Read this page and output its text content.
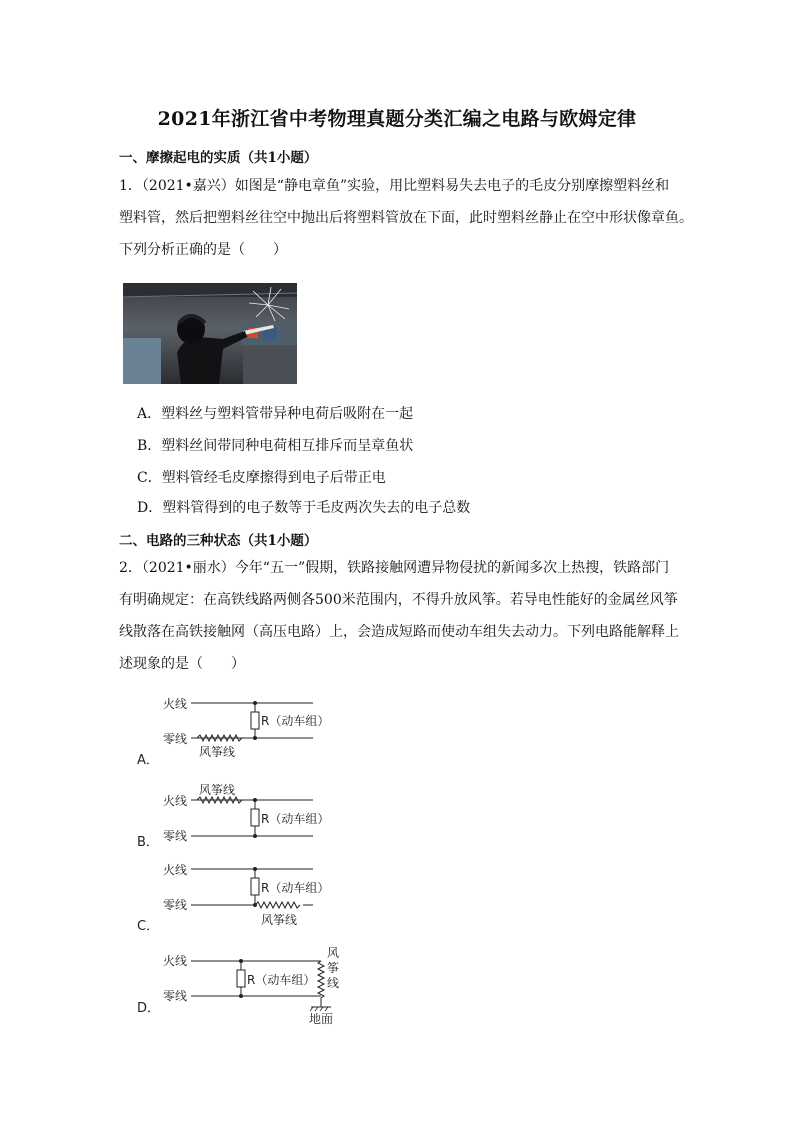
2021年浙江省中考物理真题分类汇编之电路与欧姆定律
一、摩擦起电的实质（共1小题）
1．（2021•嘉兴）如图是“静电章鱼”实验，用比塑料易失去电子的毛皮分别摩擦塑料丝和
塑料管，然后把塑料丝往空中抛出后将塑料管放在下面，此时塑料丝静止在空中形状像章鱼。
下列分析正确的是（　　）
A．塑料丝与塑料管带异种电荷后吸附在一起
B．塑料丝间带同种电荷相互排斥而呈章鱼状
C．塑料管经毛皮摩擦得到电子后带正电
D．塑料管得到的电子数等于毛皮两次失去的电子总数
二、电路的三种状态（共1小题）
2．（2021•丽水）今年“五一”假期，铁路接触网遭异物侵扰的新闻多次上热搜，铁路部门
有明确规定：在高铁线路两侧各500米范围内，不得升放风筝。若导电性能好的金属丝风筝
线散落在高铁接触网（高压电路）上，会造成短路而使动车组失去动力。下列电路能解释上
述现象的是（　　）
A．
火线
零线
R（动车组）
风筝线
B．
风筝线
火线
零线
R（动车组）
C．
火线
零线
R（动车组）
风筝线
D．
火线
零线
R（动车组）
风
筝
线
地面
